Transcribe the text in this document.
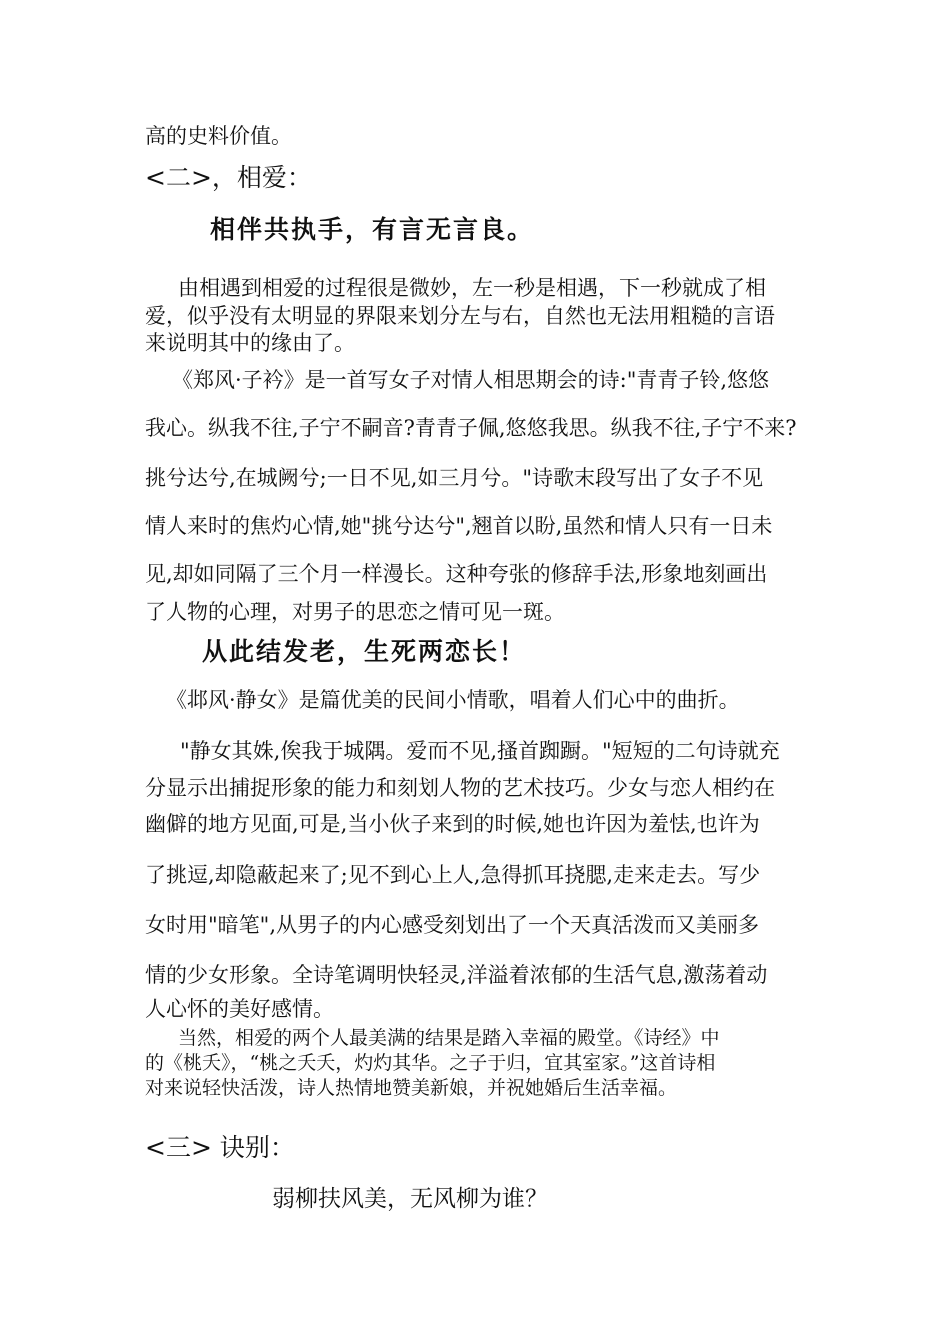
高的史料价值。

<二>，相爱：

相伴共执手，有言无言良。

由相遇到相爱的过程很是微妙，左一秒是相遇，下一秒就成了相

爱，似乎没有太明显的界限来划分左与右，自然也无法用粗糙的言语

来说明其中的缘由了。

《郑风·子衿》是一首写女子对情人相思期会的诗:"青青子铃,悠悠

我心。纵我不往,子宁不嗣音?青青子佩,悠悠我思。纵我不往,子宁不来?

挑兮达兮,在城阙兮;一日不见,如三月兮。"诗歌末段写出了女子不见

情人来时的焦灼心情,她"挑兮达兮",翘首以盼,虽然和情人只有一日未

见,却如同隔了三个月一样漫长。这种夸张的修辞手法,形象地刻画出

了人物的心理，对男子的思恋之情可见一斑。

从此结发老，生死两恋长！

《邶风·静女》是篇优美的民间小情歌，唱着人们心中的曲折。

"静女其姝,俟我于城隅。爱而不见,搔首踟蹰。"短短的二句诗就充

分显示出捕捉形象的能力和刻划人物的艺术技巧。少女与恋人相约在

幽僻的地方见面,可是,当小伙子来到的时候,她也许因为羞怯,也许为

了挑逗,却隐蔽起来了;见不到心上人,急得抓耳挠腮,走来走去。写少

女时用"暗笔",从男子的内心感受刻划出了一个天真活泼而又美丽多

情的少女形象。全诗笔调明快轻灵,洋溢着浓郁的生活气息,激荡着动

人心怀的美好感情。

当然，相爱的两个人最美满的结果是踏入幸福的殿堂。《诗经》中

的《桃夭》，“桃之夭夭，灼灼其华。之子于归，宜其室家。”这首诗相

对来说轻快活泼，诗人热情地赞美新娘，并祝她婚后生活幸福。

<三> 诀别：

弱柳扶风美，无风柳为谁？
